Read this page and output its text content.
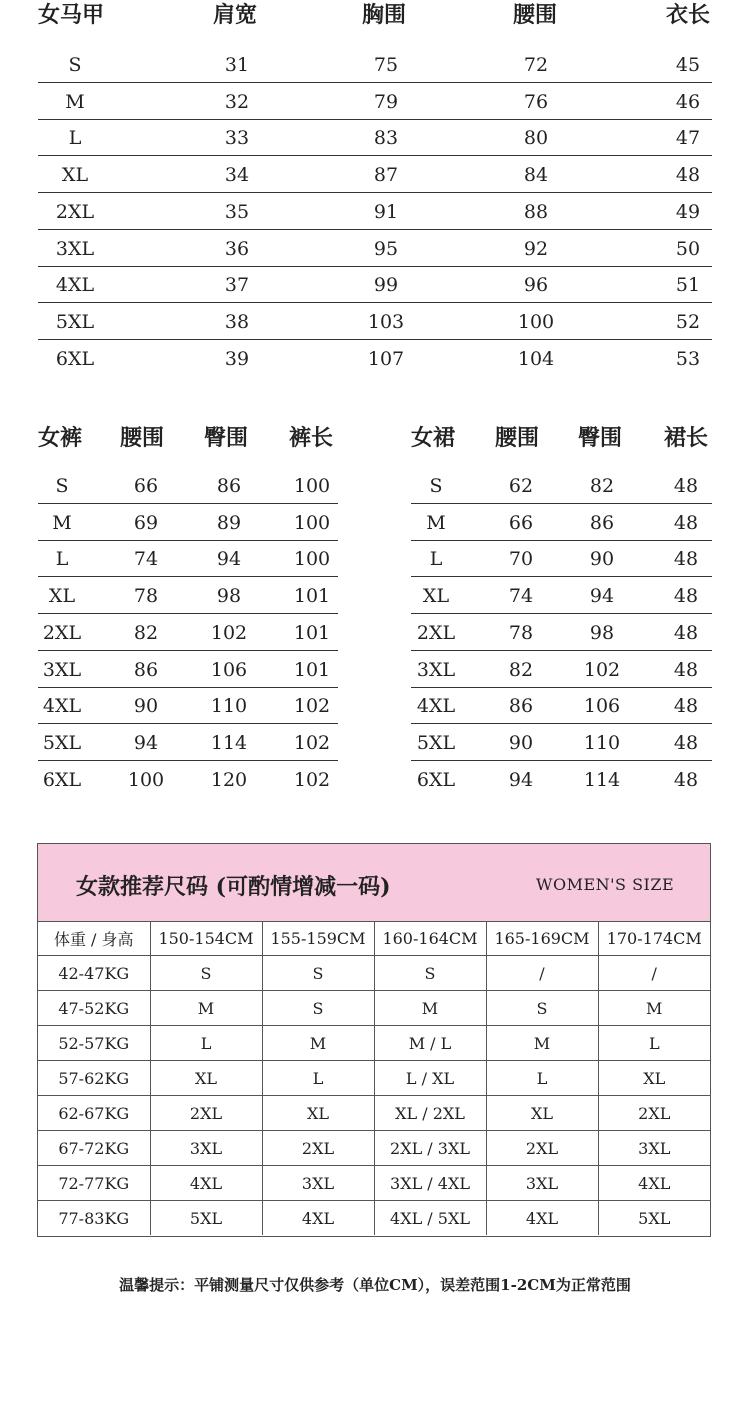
女马甲	肩宽	胸围	腰围	衣长
S	31	75	72	45
M	32	79	76	46
L	33	83	80	47
XL	34	87	84	48
2XL	35	91	88	49
3XL	36	95	92	50
4XL	37	99	96	51
5XL	38	103	100	52
6XL	39	107	104	53
女裤 腰围 臀围 裤长
S	66	86	100
M	69	89	100
L	74	94	100
XL	78	98	101
2XL	82	102	101
3XL	86	106	101
4XL	90	110	102
5XL	94	114	102
6XL	100	120	102
女裙 腰围 臀围 裙长
S	62	82	48
M	66	86	48
L	70	90	48
XL	74	94	48
2XL	78	98	48
3XL	82	102	48
4XL	86	106	48
5XL	90	110	48
6XL	94	114	48
女款推荐尺码 (可酌情增减一码)	WOMEN'S SIZE
体重 / 身高	150-154CM	155-159CM	160-164CM	165-169CM	170-174CM
42-47KG	S	S	S	/	/
47-52KG	M	S	M	S	M
52-57KG	L	M	M / L	M	L
57-62KG	XL	L	L / XL	L	XL
62-67KG	2XL	XL	XL / 2XL	XL	2XL
67-72KG	3XL	2XL	2XL / 3XL	2XL	3XL
72-77KG	4XL	3XL	3XL / 4XL	3XL	4XL
77-83KG	5XL	4XL	4XL / 5XL	4XL	5XL
温馨提示：平铺测量尺寸仅供参考（单位CM），误差范围1-2CM为正常范围
